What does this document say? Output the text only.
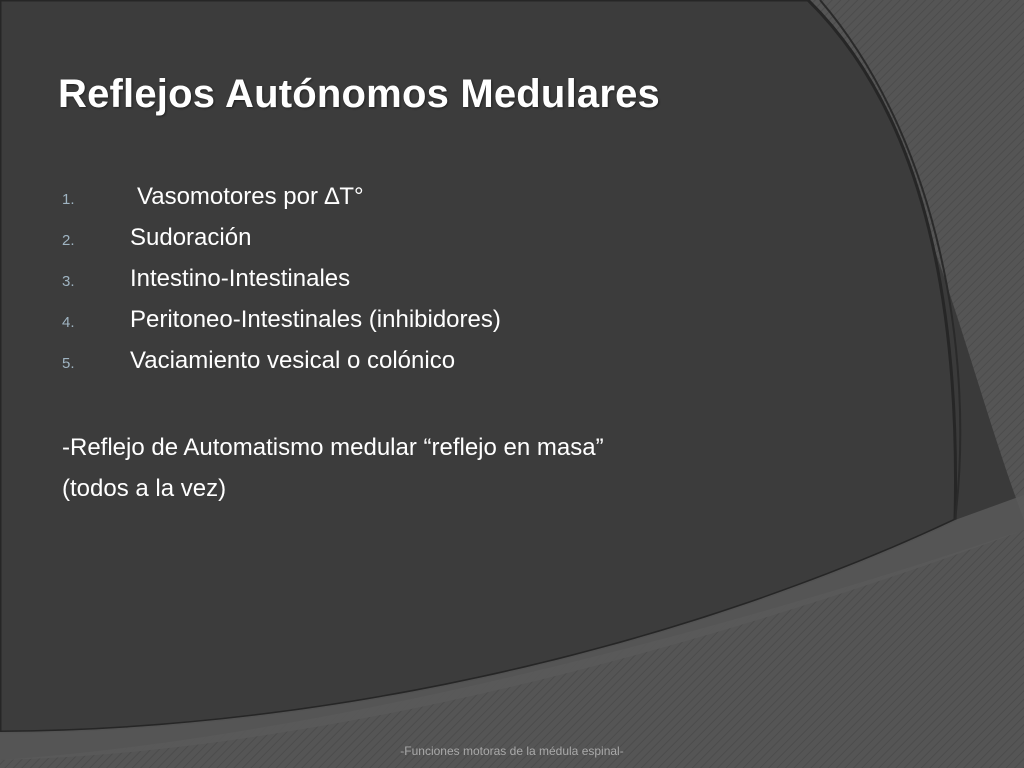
Reflejos Autónomos Medulares
1.	Vasomotores por ∆T°
2.	Sudoración
3.	Intestino-Intestinales
4.	Peritoneo-Intestinales (inhibidores)
5.	Vaciamiento vesical o colónico
-Reflejo de Automatismo medular “reflejo en masa”
(todos a la vez)
-Funciones motoras de la médula espinal-
